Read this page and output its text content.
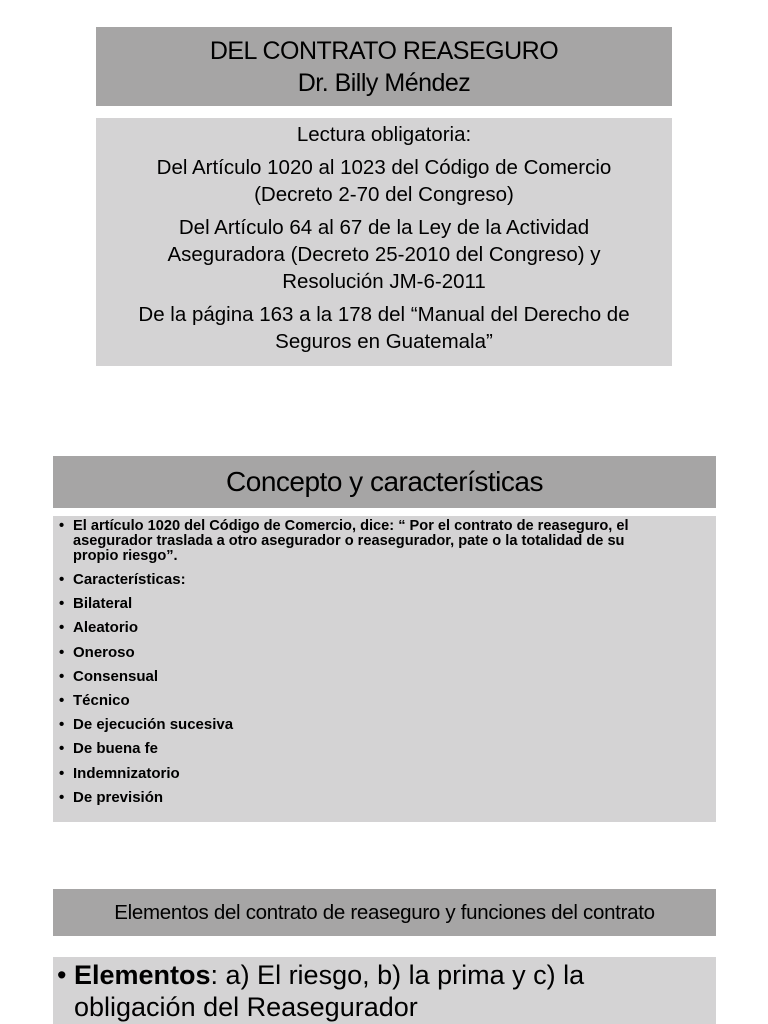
DEL CONTRATO REASEGURO
Dr. Billy Méndez

Lectura obligatoria:

Del Artículo 1020 al 1023 del Código de Comercio
(Decreto 2-70 del Congreso)

Del Artículo 64 al 67 de la Ley de la Actividad
Aseguradora (Decreto 25-2010 del Congreso) y
Resolución JM-6-2011

De la página 163 a la 178 del “Manual del Derecho de
Seguros en Guatemala”

Concepto y características
• El artículo 1020 del Código de Comercio, dice: “ Por el contrato de reaseguro, el
asegurador traslada a otro asegurador o reasegurador, pate o la totalidad de su
propio riesgo”.
• Características:
• Bilateral
• Aleatorio
• Oneroso
• Consensual
• Técnico
• De ejecución sucesiva
• De buena fe
• Indemnizatorio
• De previsión
Elementos del contrato de reaseguro y funciones del contrato
• Elementos: a) El riesgo, b) la prima y c) la
obligación del Reasegurador
